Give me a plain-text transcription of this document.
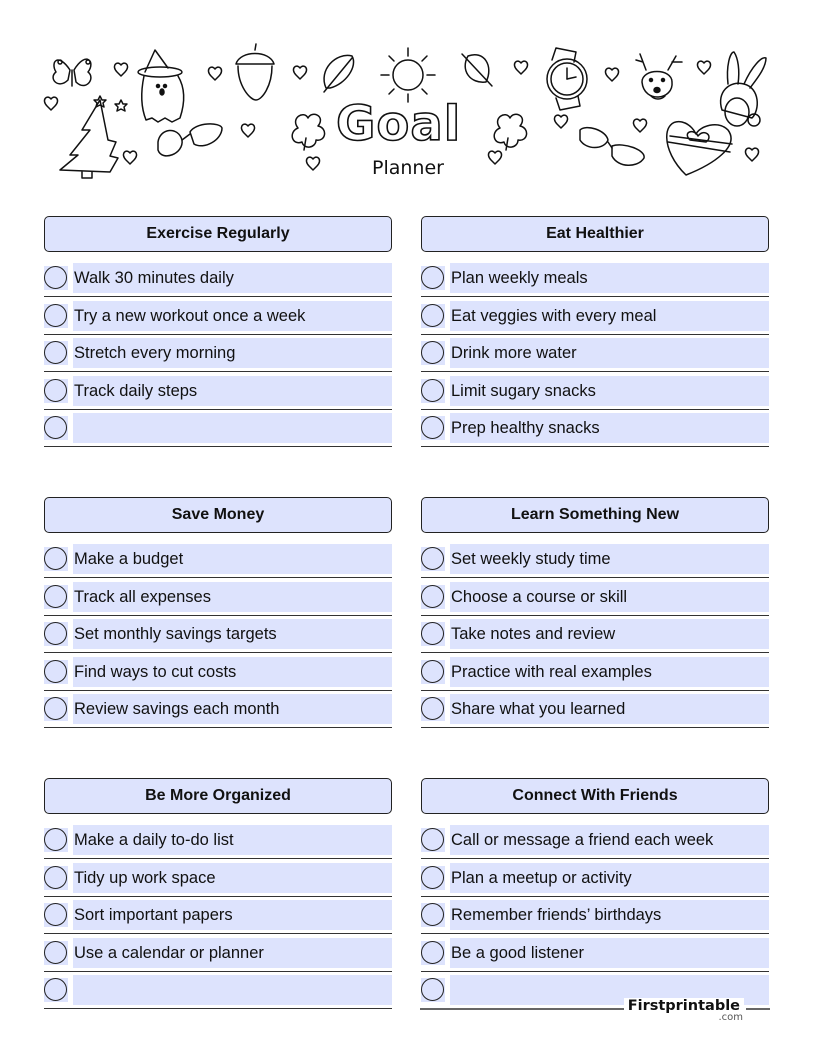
Goal
Planner
Exercise Regularly
Walk 30 minutes daily
Try a new workout once a week
Stretch every morning
Track daily steps
Eat Healthier
Plan weekly meals
Eat veggies with every meal
Drink more water
Limit sugary snacks
Prep healthy snacks
Save Money
Make a budget
Track all expenses
Set monthly savings targets
Find ways to cut costs
Review savings each month
Learn Something New
Set weekly study time
Choose a course or skill
Take notes and review
Practice with real examples
Share what you learned
Be More Organized
Make a daily to-do list
Tidy up work space
Sort important papers
Use a calendar or planner
Connect With Friends
Call or message a friend each week
Plan a meetup or activity
Remember friends’ birthdays
Be a good listener
Firstprintable
.com
